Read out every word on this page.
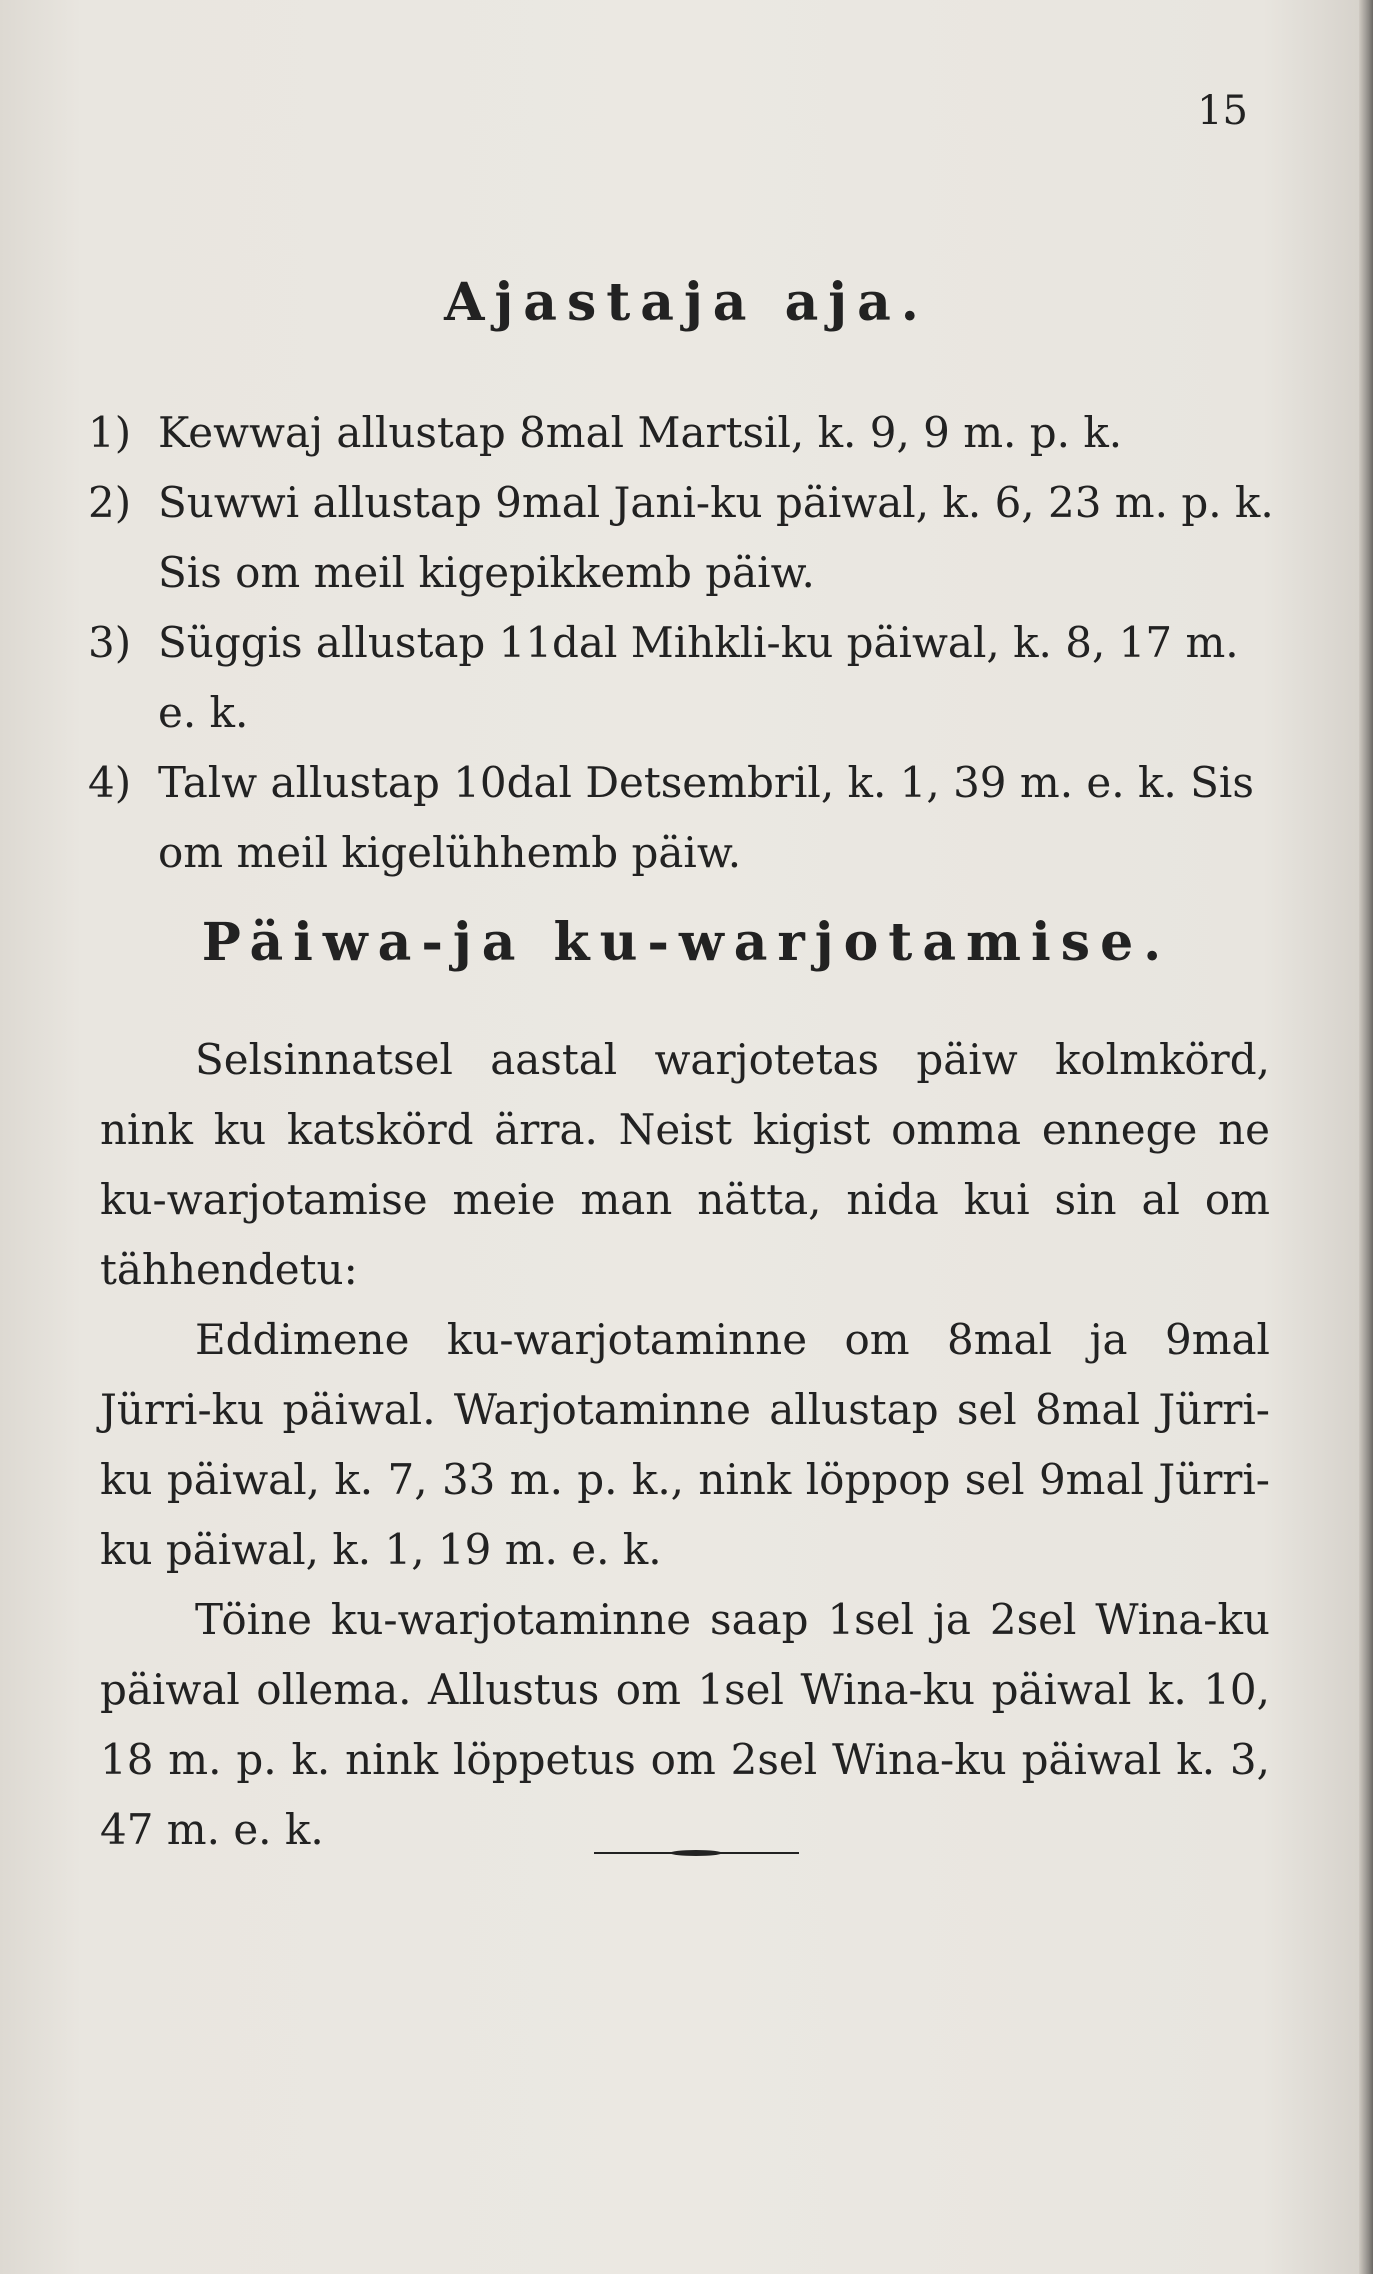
15
Ajastaja aja.
1) Kewwaj allustap 8mal Martsil, k. 9, 9 m. p. k.
2) Suwwi allustap 9mal Jani-ku päiwal, k. 6, 23 m. p. k. Sis om meil kigepikkemb päiw.
3) Süggis allustap 11dal Mihkli-ku päiwal, k. 8, 17 m. e. k.
4) Talw allustap 10dal Detsembril, k. 1, 39 m. e. k. Sis om meil kigelühhemb päiw.
Päiwa-ja ku-warjotamise.

Selsinnatsel aastal warjotetas päiw kolmkörd, nink ku katskörd ärra. Neist kigist omma ennege ne ku-warjotamise meie man nätta, nida kui sin al om tähhendetu:

Eddimene ku-warjotaminne om 8mal ja 9mal Jürri-ku päiwal. Warjotaminne allustap sel 8mal Jürri-ku päiwal, k. 7, 33 m. p. k., nink löppop sel 9mal Jürri-ku päiwal, k. 1, 19 m. e. k.

Töine ku-warjotaminne saap 1sel ja 2sel Wina-ku päiwal ollema. Allustus om 1sel Wina-ku päiwal k. 10, 18 m. p. k. nink löppetus om 2sel Wina-ku päiwal k. 3, 47 m. e. k.
